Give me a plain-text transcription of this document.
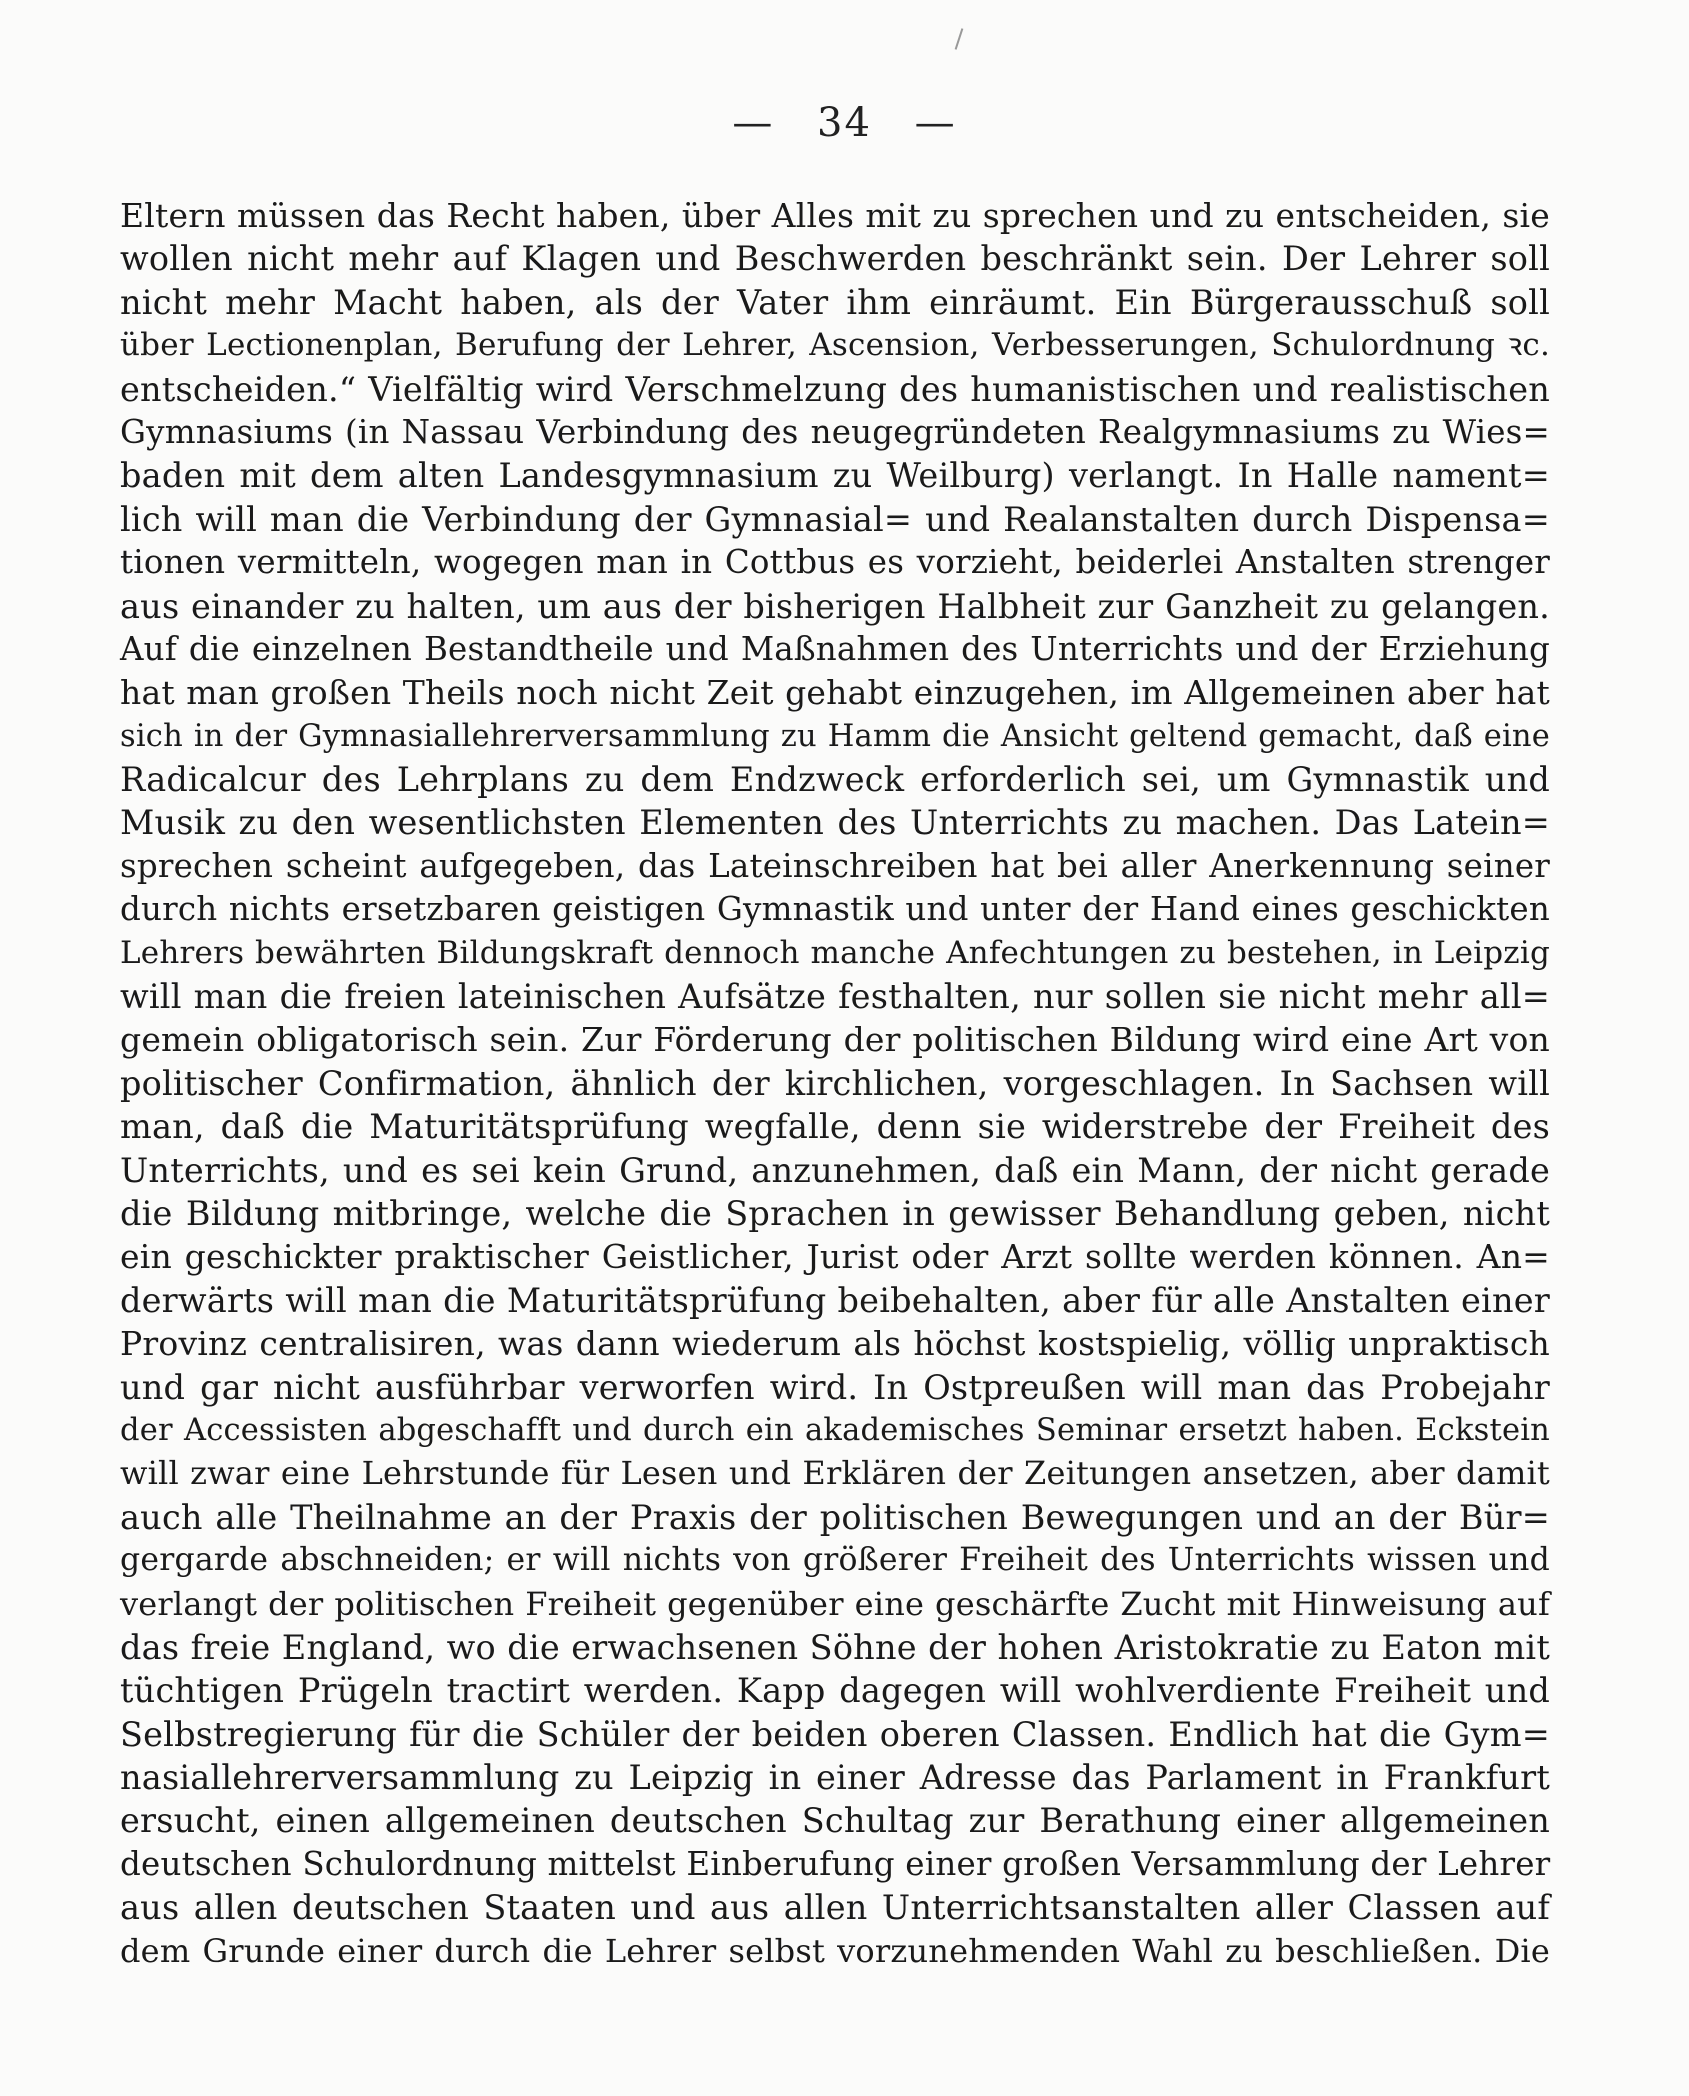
— 34 —
Eltern müssen das Recht haben, über Alles mit zu sprechen und zu entscheiden, sie
wollen nicht mehr auf Klagen und Beschwerden beschränkt sein. Der Lehrer soll
nicht mehr Macht haben, als der Vater ihm einräumt. Ein Bürgerausschuß soll
über Lectionenplan, Berufung der Lehrer, Ascension, Verbesserungen, Schulordnung ꝛc.
entscheiden.“ Vielfältig wird Verschmelzung des humanistischen und realistischen
Gymnasiums (in Nassau Verbindung des neugegründeten Realgymnasiums zu Wies=
baden mit dem alten Landesgymnasium zu Weilburg) verlangt. In Halle nament=
lich will man die Verbindung der Gymnasial= und Realanstalten durch Dispensa=
tionen vermitteln, wogegen man in Cottbus es vorzieht, beiderlei Anstalten strenger
aus einander zu halten, um aus der bisherigen Halbheit zur Ganzheit zu gelangen.
Auf die einzelnen Bestandtheile und Maßnahmen des Unterrichts und der Erziehung
hat man großen Theils noch nicht Zeit gehabt einzugehen, im Allgemeinen aber hat
sich in der Gymnasiallehrerversammlung zu Hamm die Ansicht geltend gemacht, daß eine
Radicalcur des Lehrplans zu dem Endzweck erforderlich sei, um Gymnastik und
Musik zu den wesentlichsten Elementen des Unterrichts zu machen. Das Latein=
sprechen scheint aufgegeben, das Lateinschreiben hat bei aller Anerkennung seiner
durch nichts ersetzbaren geistigen Gymnastik und unter der Hand eines geschickten
Lehrers bewährten Bildungskraft dennoch manche Anfechtungen zu bestehen, in Leipzig
will man die freien lateinischen Aufsätze festhalten, nur sollen sie nicht mehr all=
gemein obligatorisch sein. Zur Förderung der politischen Bildung wird eine Art von
politischer Confirmation, ähnlich der kirchlichen, vorgeschlagen. In Sachsen will
man, daß die Maturitätsprüfung wegfalle, denn sie widerstrebe der Freiheit des
Unterrichts, und es sei kein Grund, anzunehmen, daß ein Mann, der nicht gerade
die Bildung mitbringe, welche die Sprachen in gewisser Behandlung geben, nicht
ein geschickter praktischer Geistlicher, Jurist oder Arzt sollte werden können. An=
derwärts will man die Maturitätsprüfung beibehalten, aber für alle Anstalten einer
Provinz centralisiren, was dann wiederum als höchst kostspielig, völlig unpraktisch
und gar nicht ausführbar verworfen wird. In Ostpreußen will man das Probejahr
der Accessisten abgeschafft und durch ein akademisches Seminar ersetzt haben. Eckstein
will zwar eine Lehrstunde für Lesen und Erklären der Zeitungen ansetzen, aber damit
auch alle Theilnahme an der Praxis der politischen Bewegungen und an der Bür=
gergarde abschneiden; er will nichts von größerer Freiheit des Unterrichts wissen und
verlangt der politischen Freiheit gegenüber eine geschärfte Zucht mit Hinweisung auf
das freie England, wo die erwachsenen Söhne der hohen Aristokratie zu Eaton mit
tüchtigen Prügeln tractirt werden. Kapp dagegen will wohlverdiente Freiheit und
Selbstregierung für die Schüler der beiden oberen Classen. Endlich hat die Gym=
nasiallehrerversammlung zu Leipzig in einer Adresse das Parlament in Frankfurt
ersucht, einen allgemeinen deutschen Schultag zur Berathung einer allgemeinen
deutschen Schulordnung mittelst Einberufung einer großen Versammlung der Lehrer
aus allen deutschen Staaten und aus allen Unterrichtsanstalten aller Classen auf
dem Grunde einer durch die Lehrer selbst vorzunehmenden Wahl zu beschließen. Die
